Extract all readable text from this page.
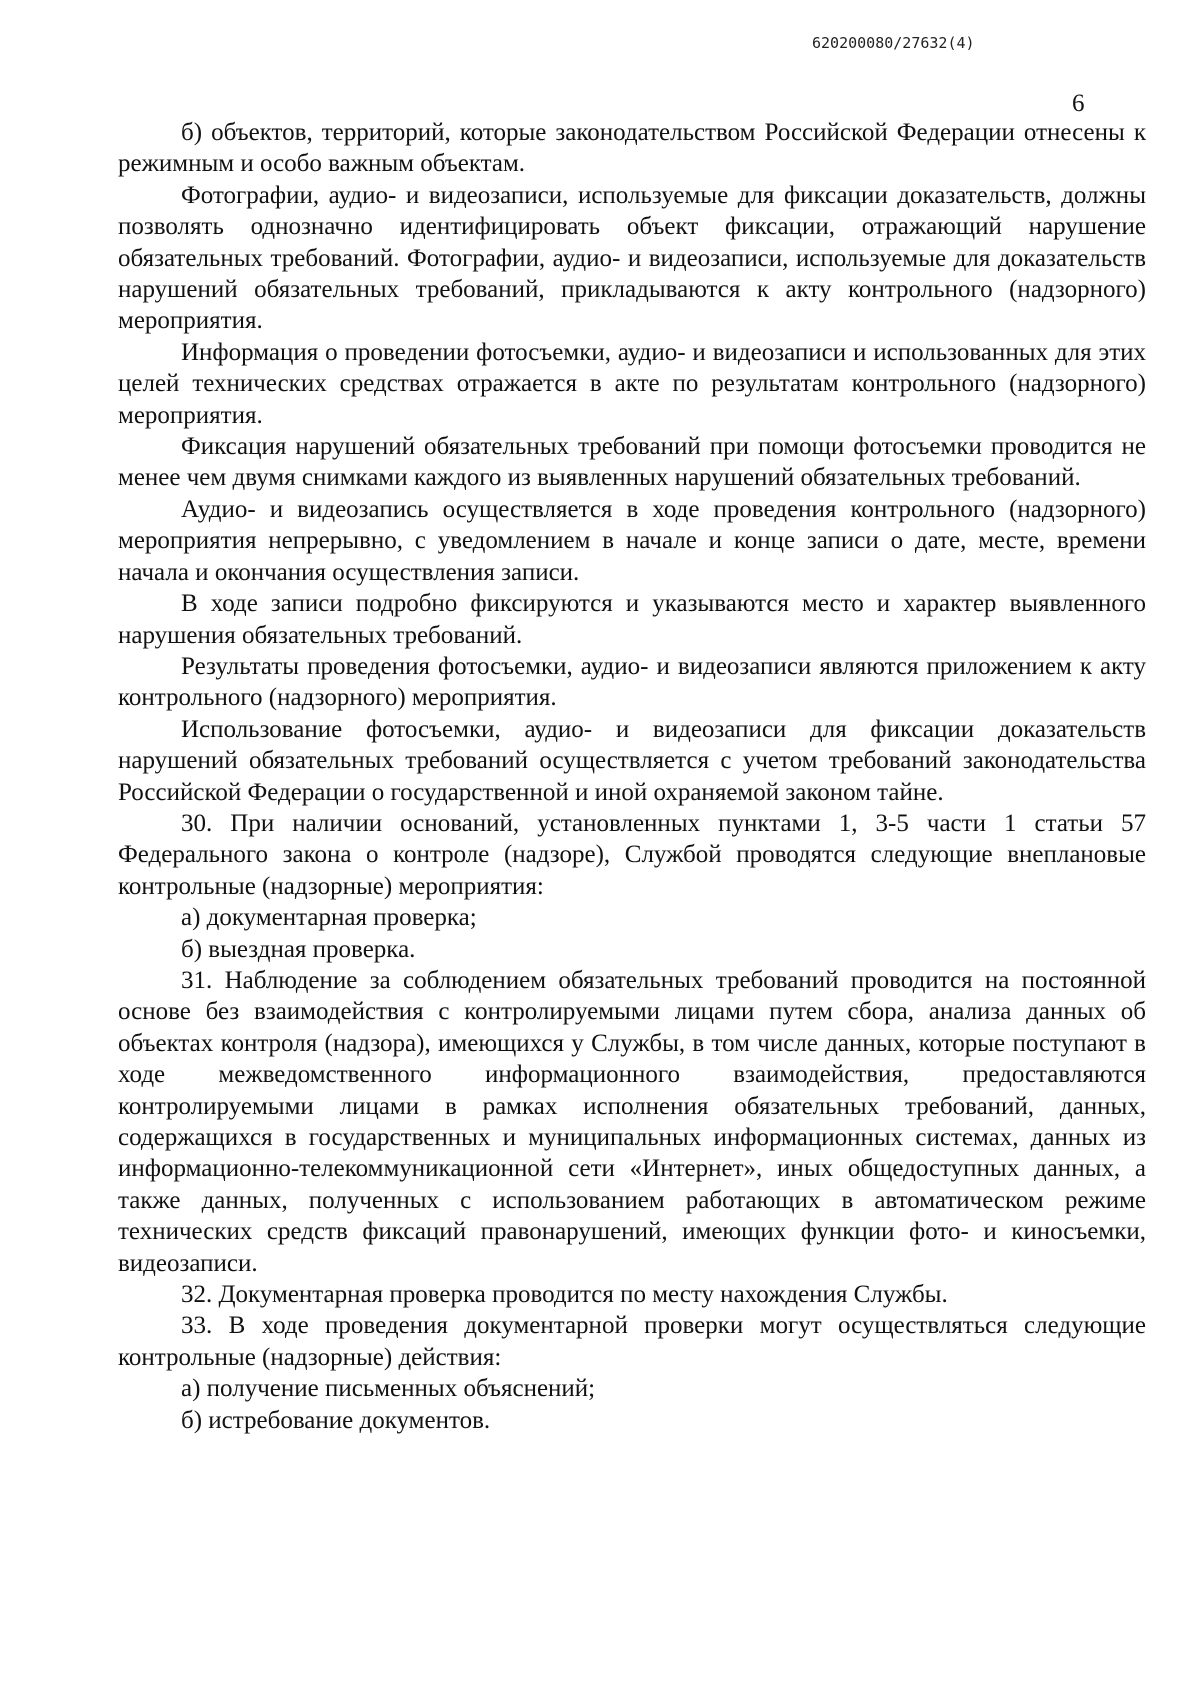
620200080/27632(4)
6

б) объектов, территорий, которые законодательством Российской Федерации отнесены к режимным и особо важным объектам.

Фотографии, аудио- и видеозаписи, используемые для фиксации доказательств, должны позволять однозначно идентифицировать объект фиксации, отражающий нарушение обязательных требований. Фотографии, аудио- и видеозаписи, используемые для доказательств нарушений обязательных требований, прикладываются к акту контрольного (надзорного) мероприятия.

Информация о проведении фотосъемки, аудио- и видеозаписи и использованных для этих целей технических средствах отражается в акте по результатам контрольного (надзорного) мероприятия.

Фиксация нарушений обязательных требований при помощи фотосъемки проводится не менее чем двумя снимками каждого из выявленных нарушений обязательных требований.

Аудио- и видеозапись осуществляется в ходе проведения контрольного (надзорного) мероприятия непрерывно, с уведомлением в начале и конце записи о дате, месте, времени начала и окончания осуществления записи.

В ходе записи подробно фиксируются и указываются место и характер выявленного нарушения обязательных требований.

Результаты проведения фотосъемки, аудио- и видеозаписи являются приложением к акту контрольного (надзорного) мероприятия.

Использование фотосъемки, аудио- и видеозаписи для фиксации доказательств нарушений обязательных требований осуществляется с учетом требований законодательства Российской Федерации о государственной и иной охраняемой законом тайне.

30. При наличии оснований, установленных пунктами 1, 3-5 части 1 статьи 57 Федерального закона о контроле (надзоре), Службой проводятся следующие внеплановые контрольные (надзорные) мероприятия:

а) документарная проверка;

б) выездная проверка.

31. Наблюдение за соблюдением обязательных требований проводится на постоянной основе без взаимодействия с контролируемыми лицами путем сбора, анализа данных об объектах контроля (надзора), имеющихся у Службы, в том числе данных, которые поступают в ходе межведомственного информационного взаимодействия, предоставляются контролируемыми лицами в рамках исполнения обязательных требований, данных, содержащихся в государственных и муниципальных информационных системах, данных из информационно-телекоммуникационной сети «Интернет», иных общедоступных данных, а также данных, полученных с использованием работающих в автоматическом режиме технических средств фиксаций правонарушений, имеющих функции фото- и киносъемки, видеозаписи.

32. Документарная проверка проводится по месту нахождения Службы.

33. В ходе проведения документарной проверки могут осуществляться следующие контрольные (надзорные) действия:

а) получение письменных объяснений;

б) истребование документов.
